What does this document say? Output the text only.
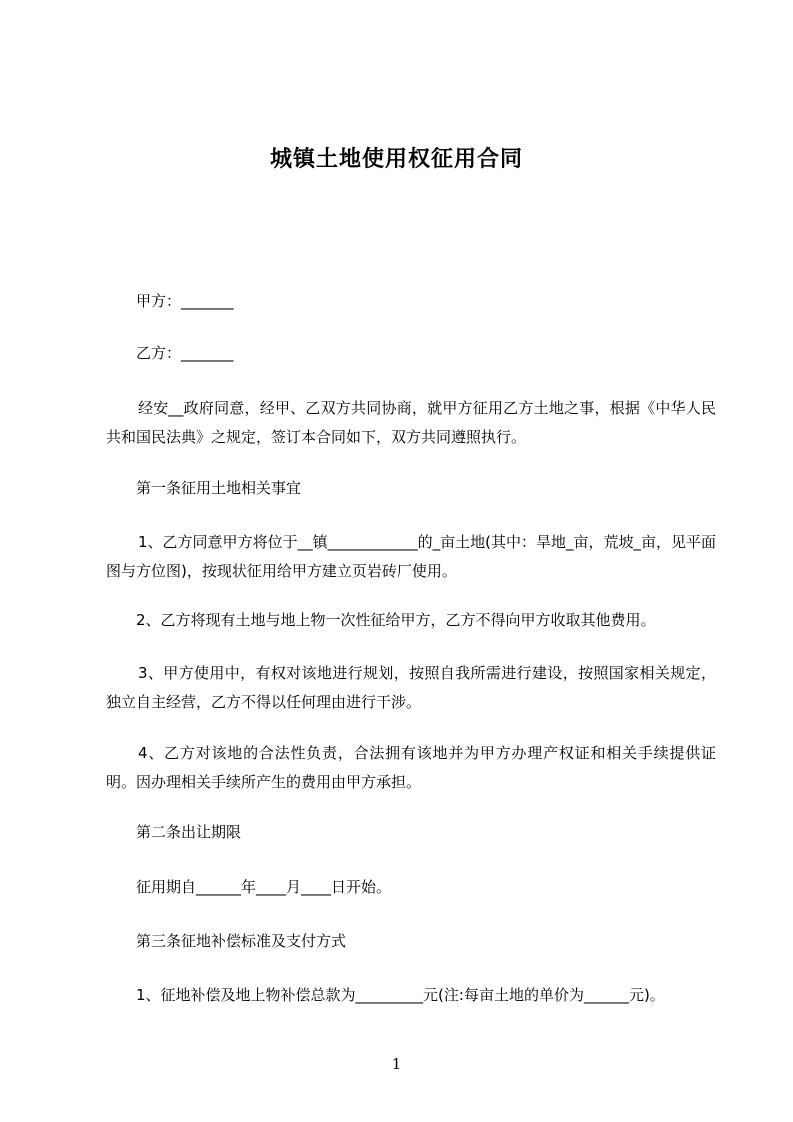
城镇土地使用权征用合同

甲方：_______

乙方：_______

经安__政府同意，经甲、乙双方共同协商，就甲方征用乙方土地之事，根据《中华人民共和国民法典》之规定，签订本合同如下，双方共同遵照执行。

第一条征用土地相关事宜

1、乙方同意甲方将位于__镇____________的_亩土地(其中：旱地_亩，荒坡_亩，见平面图与方位图)，按现状征用给甲方建立页岩砖厂使用。

2、乙方将现有土地与地上物一次性征给甲方，乙方不得向甲方收取其他费用。

3、甲方使用中，有权对该地进行规划，按照自我所需进行建设，按照国家相关规定，独立自主经营，乙方不得以任何理由进行干涉。

4、乙方对该地的合法性负责，合法拥有该地并为甲方办理产权证和相关手续提供证明。因办理相关手续所产生的费用由甲方承担。

第二条出让期限

征用期自______年____月____日开始。

第三条征地补偿标准及支付方式

1、征地补偿及地上物补偿总款为_________元(注:每亩土地的单价为______元)。

1
